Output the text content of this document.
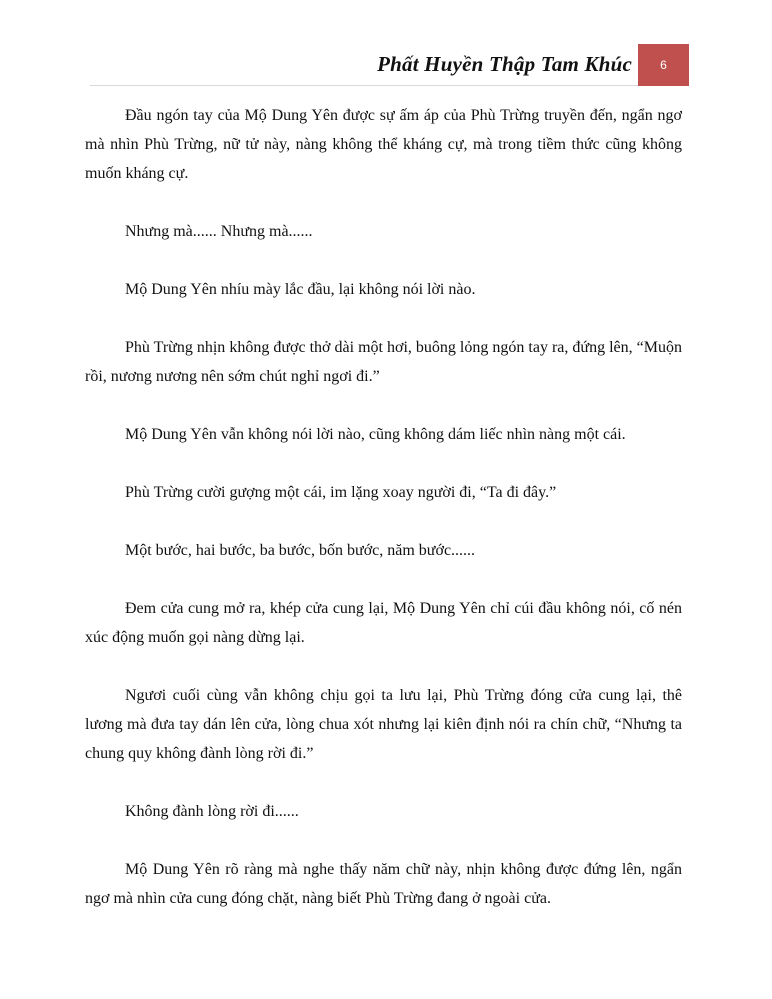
Phất Huyền Thập Tam Khúc 6

Đầu ngón tay của Mộ Dung Yên được sự ấm áp của Phù Trừng truyền đến, ngẩn ngơ mà nhìn Phù Trừng, nữ tử này, nàng không thể kháng cự, mà trong tiềm thức cũng không muốn kháng cự.

Nhưng mà...... Nhưng mà......

Mộ Dung Yên nhíu mày lắc đầu, lại không nói lời nào.

Phù Trừng nhịn không được thở dài một hơi, buông lỏng ngón tay ra, đứng lên, “Muộn rồi, nương nương nên sớm chút nghỉ ngơi đi.”

Mộ Dung Yên vẫn không nói lời nào, cũng không dám liếc nhìn nàng một cái.

Phù Trừng cười gượng một cái, im lặng xoay người đi, “Ta đi đây.”

Một bước, hai bước, ba bước, bốn bước, năm bước......

Đem cửa cung mở ra, khép cửa cung lại, Mộ Dung Yên chỉ cúi đầu không nói, cố nén xúc động muốn gọi nàng dừng lại.

Ngươi cuối cùng vẫn không chịu gọi ta lưu lại, Phù Trừng đóng cửa cung lại, thê lương mà đưa tay dán lên cửa, lòng chua xót nhưng lại kiên định nói ra chín chữ, “Nhưng ta chung quy không đành lòng rời đi.”

Không đành lòng rời đi......

Mộ Dung Yên rõ ràng mà nghe thấy năm chữ này, nhịn không được đứng lên, ngẩn ngơ mà nhìn cửa cung đóng chặt, nàng biết Phù Trừng đang ở ngoài cửa.
